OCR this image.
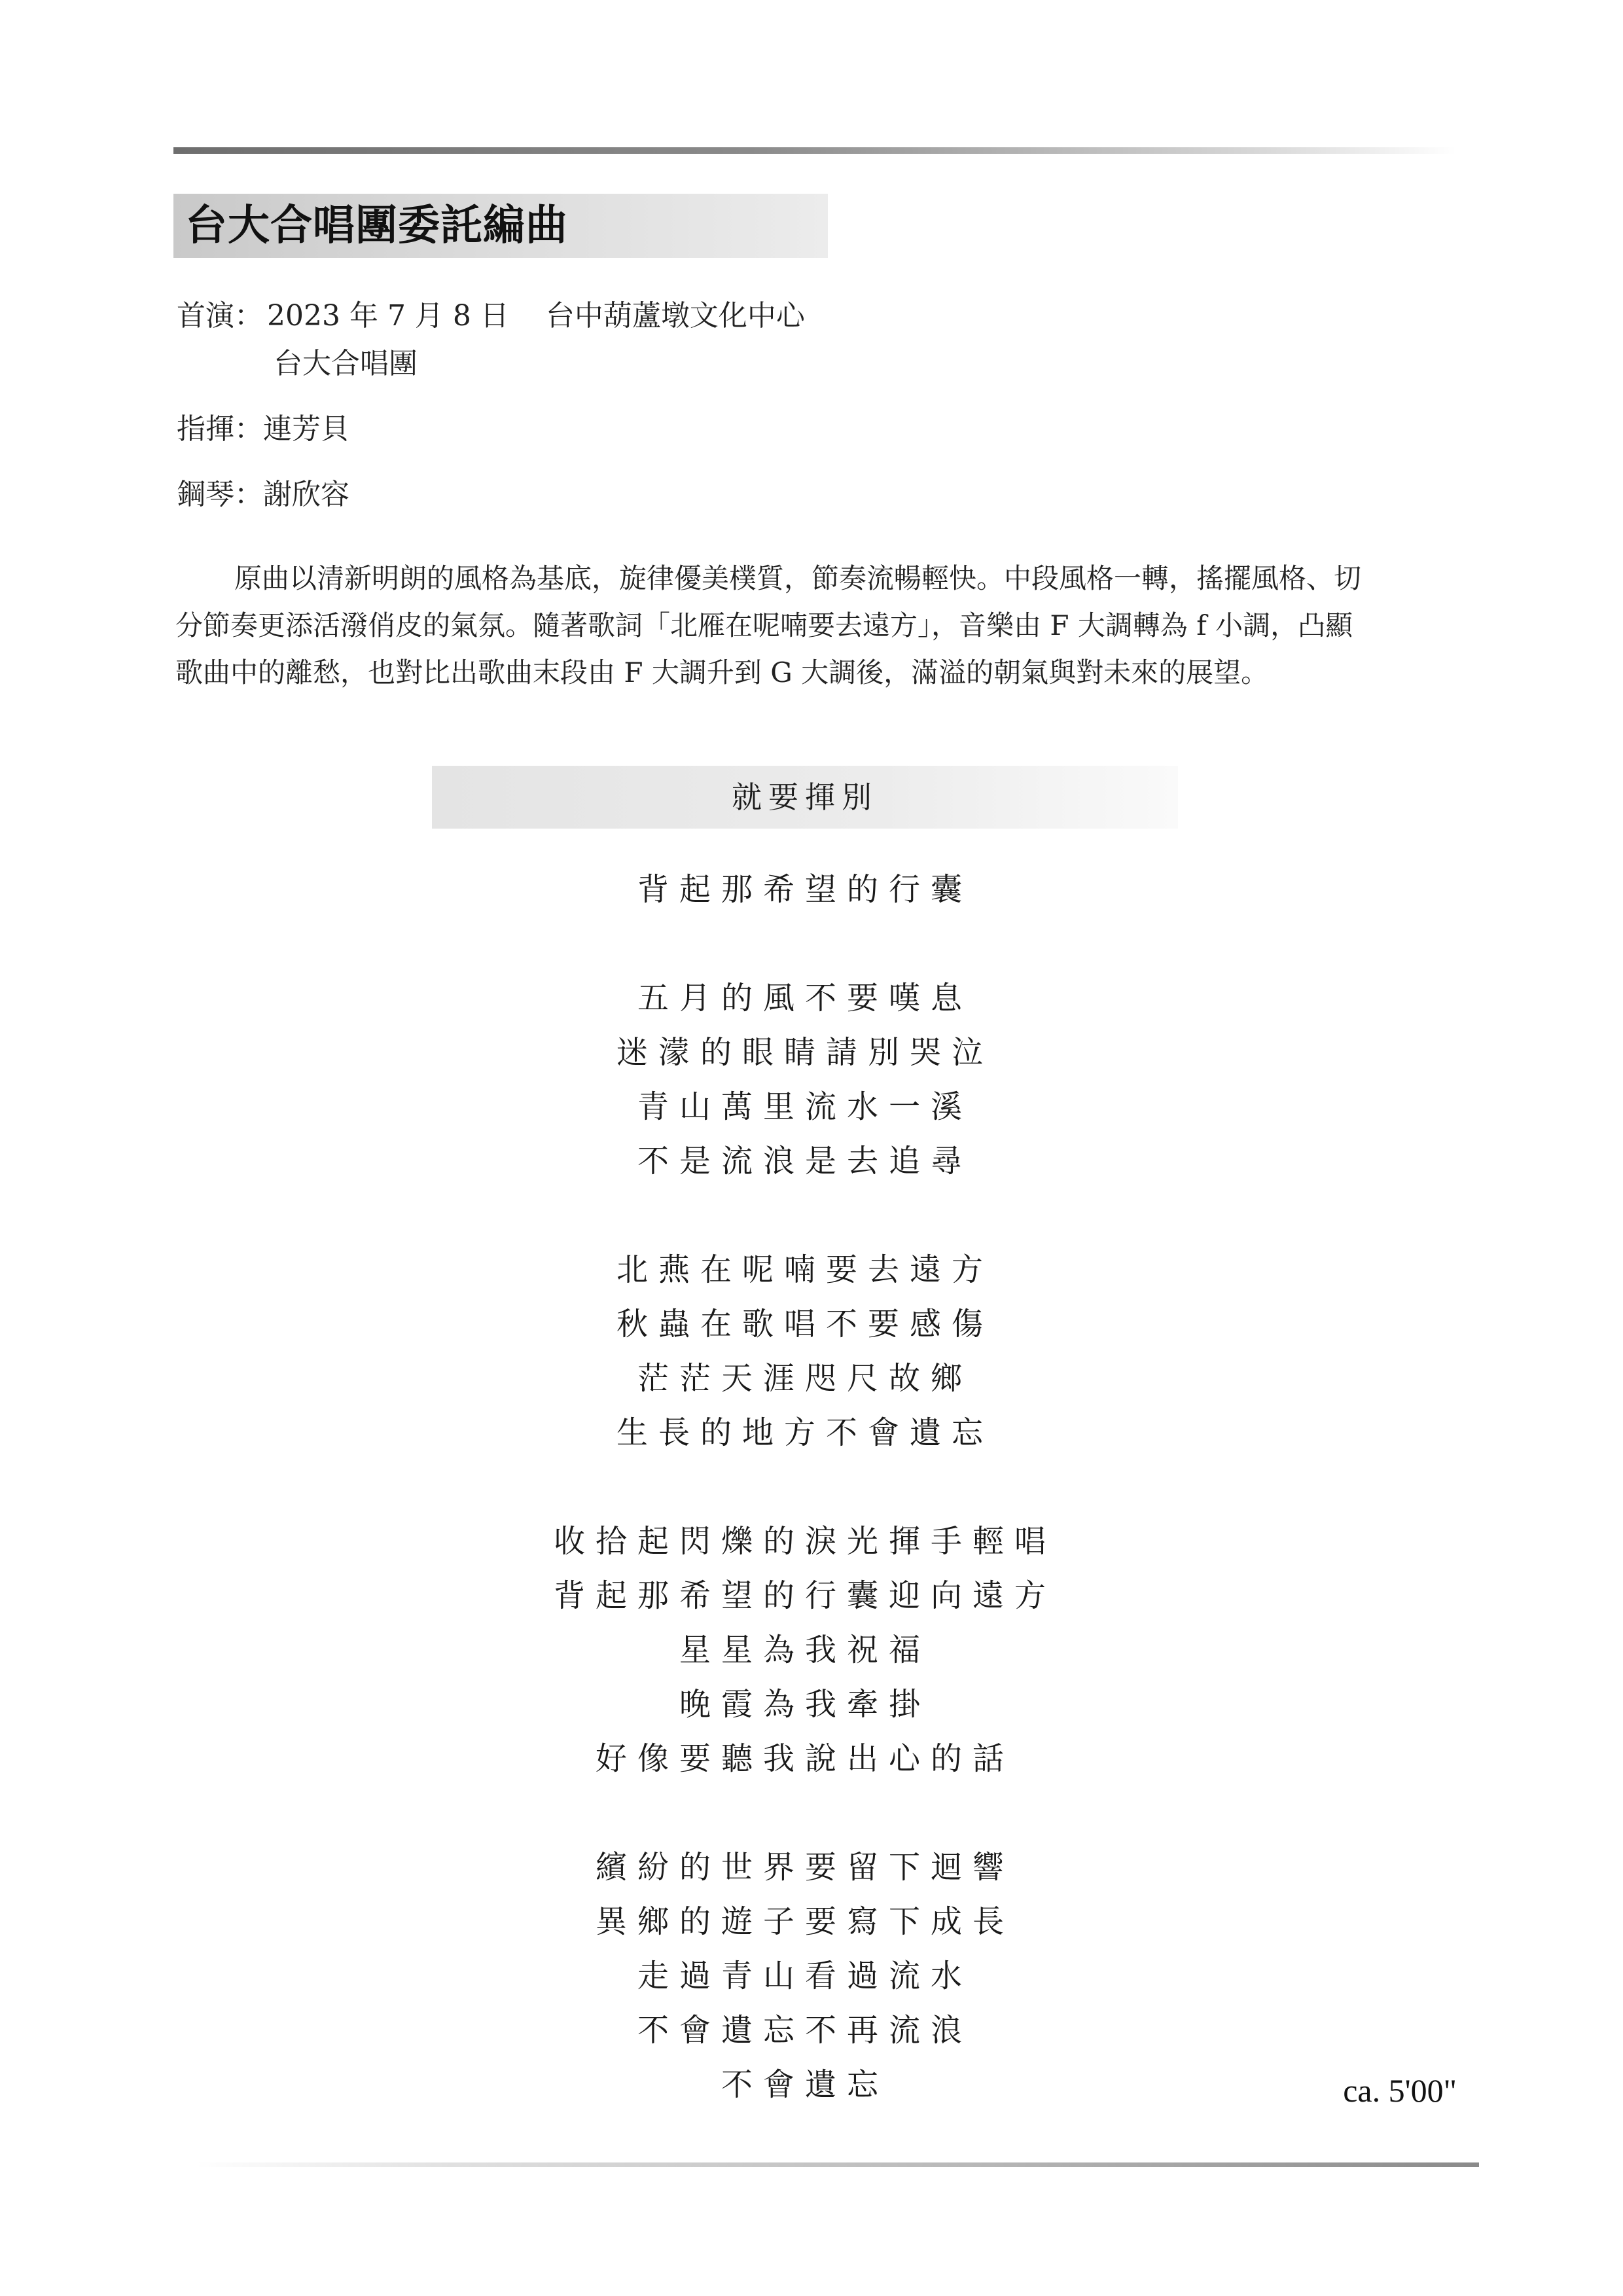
台大合唱團委託編曲
首演： 2023 年 7 月 8 日 台中葫蘆墩文化中心
台大合唱團
指揮：連芳貝
鋼琴：謝欣容
原曲以清新明朗的風格為基底，旋律優美樸質，節奏流暢輕快。中段風格一轉，搖擺風格、切
分節奏更添活潑俏皮的氣氛。隨著歌詞「北雁在呢喃要去遠方」，音樂由 F 大調轉為 f 小調，凸顯
歌曲中的離愁，也對比出歌曲末段由 F 大調升到 G 大調後，滿溢的朝氣與對未來的展望。
就要揮別
背起那希望的行囊
五月的風不要嘆息
迷濛的眼睛請別哭泣
青山萬里流水一溪
不是流浪是去追尋
北燕在呢喃要去遠方
秋蟲在歌唱不要感傷
茫茫天涯咫尺故鄉
生長的地方不會遺忘
收拾起閃爍的淚光揮手輕唱
背起那希望的行囊迎向遠方
星星為我祝福
晚霞為我牽掛
好像要聽我說出心的話
繽紛的世界要留下迴響
異鄉的遊子要寫下成長
走過青山看過流水
不會遺忘不再流浪
不會遺忘	ca. 5'00"
